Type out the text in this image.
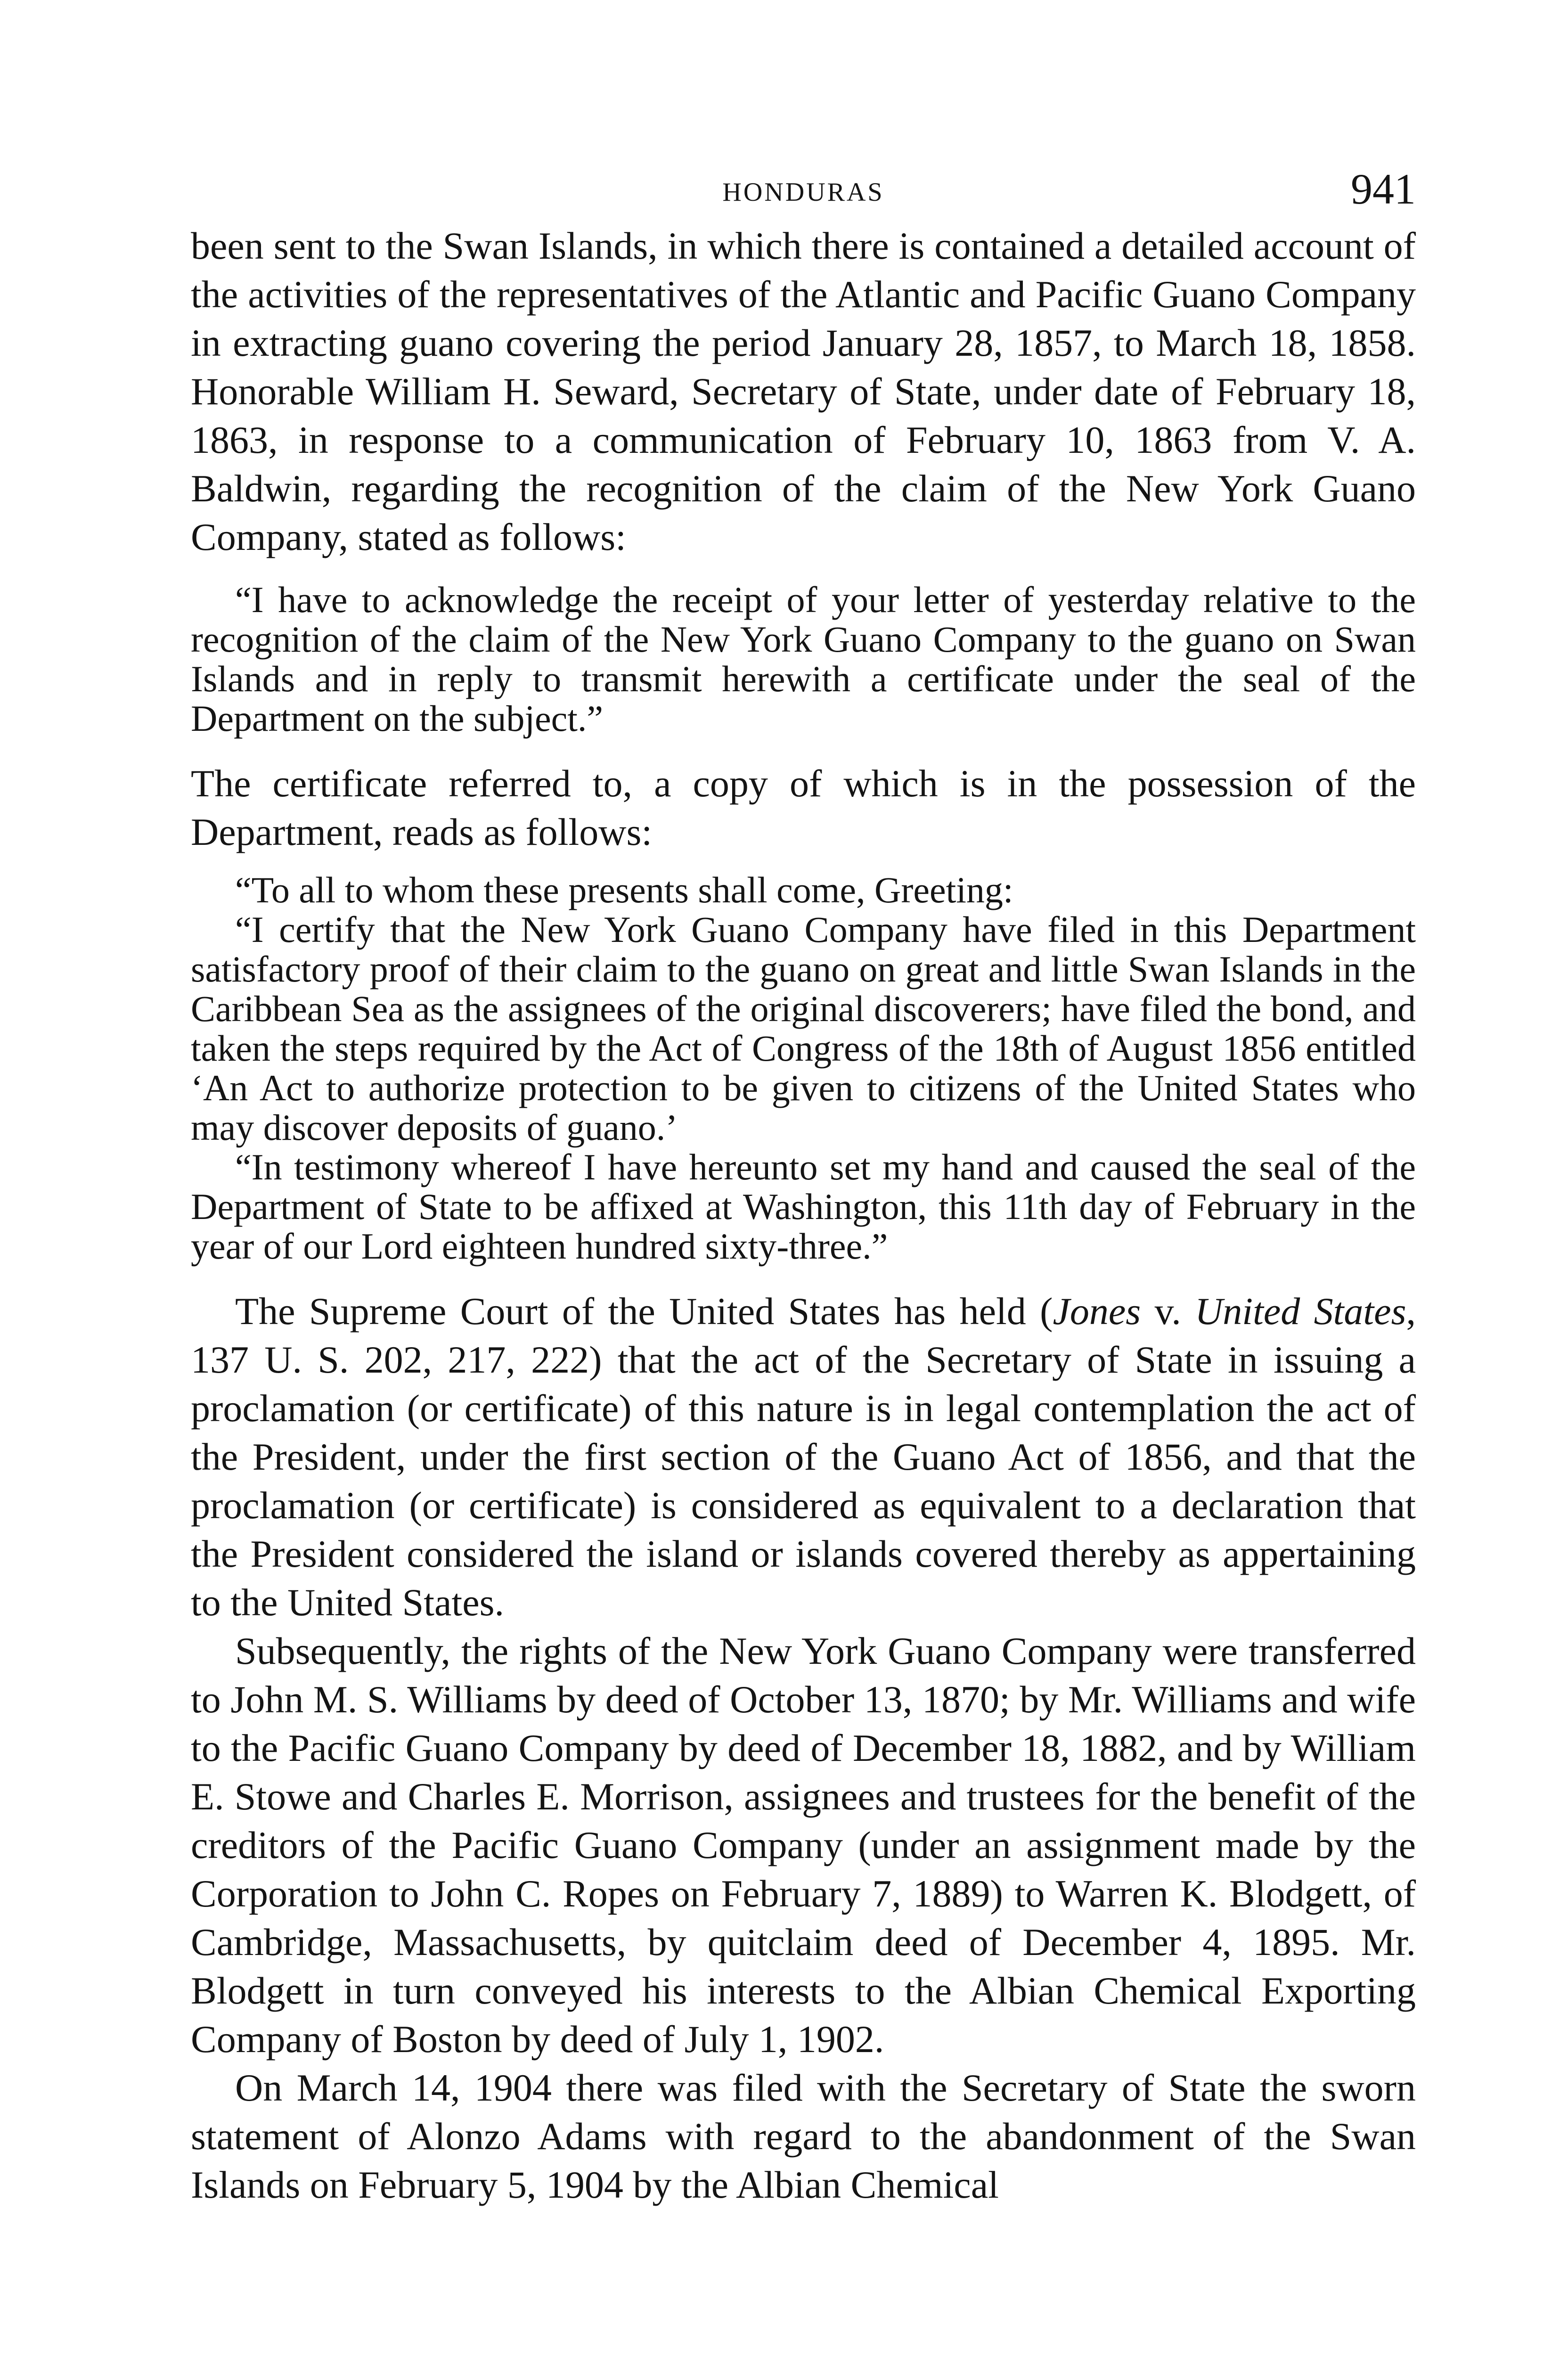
HONDURAS	941

been sent to the Swan Islands, in which there is contained a detailed account of the activities of the representatives of the Atlantic and Pacific Guano Company in extracting guano covering the period January 28, 1857, to March 18, 1858. Honorable William H. Seward, Secretary of State, under date of February 18, 1863, in response to a communication of February 10, 1863 from V. A. Baldwin, regarding the recognition of the claim of the New York Guano Company, stated as follows:

“I have to acknowledge the receipt of your letter of yesterday relative to the recognition of the claim of the New York Guano Company to the guano on Swan Islands and in reply to transmit herewith a certificate under the seal of the Department on the subject.”

The certificate referred to, a copy of which is in the possession of the Department, reads as follows:

“To all to whom these presents shall come, Greeting:

“I certify that the New York Guano Company have filed in this Department satisfactory proof of their claim to the guano on great and little Swan Islands in the Caribbean Sea as the assignees of the original discoverers; have filed the bond, and taken the steps required by the Act of Congress of the 18th of August 1856 entitled ‘An Act to authorize protection to be given to citizens of the United States who may discover deposits of guano.’

“In testimony whereof I have hereunto set my hand and caused the seal of the Department of State to be affixed at Washington, this 11th day of February in the year of our Lord eighteen hundred sixty-three.”

The Supreme Court of the United States has held (Jones v. United States, 137 U. S. 202, 217, 222) that the act of the Secretary of State in issuing a proclamation (or certificate) of this nature is in legal contemplation the act of the President, under the first section of the Guano Act of 1856, and that the proclamation (or certificate) is considered as equivalent to a declaration that the President considered the island or islands covered thereby as appertaining to the United States.

Subsequently, the rights of the New York Guano Company were transferred to John M. S. Williams by deed of October 13, 1870; by Mr. Williams and wife to the Pacific Guano Company by deed of December 18, 1882, and by William E. Stowe and Charles E. Morrison, assignees and trustees for the benefit of the creditors of the Pacific Guano Company (under an assignment made by the Corporation to John C. Ropes on February 7, 1889) to Warren K. Blodgett, of Cambridge, Massachusetts, by quitclaim deed of December 4, 1895. Mr. Blodgett in turn conveyed his interests to the Albian Chemical Exporting Company of Boston by deed of July 1, 1902.

On March 14, 1904 there was filed with the Secretary of State the sworn statement of Alonzo Adams with regard to the abandonment of the Swan Islands on February 5, 1904 by the Albian Chemical
